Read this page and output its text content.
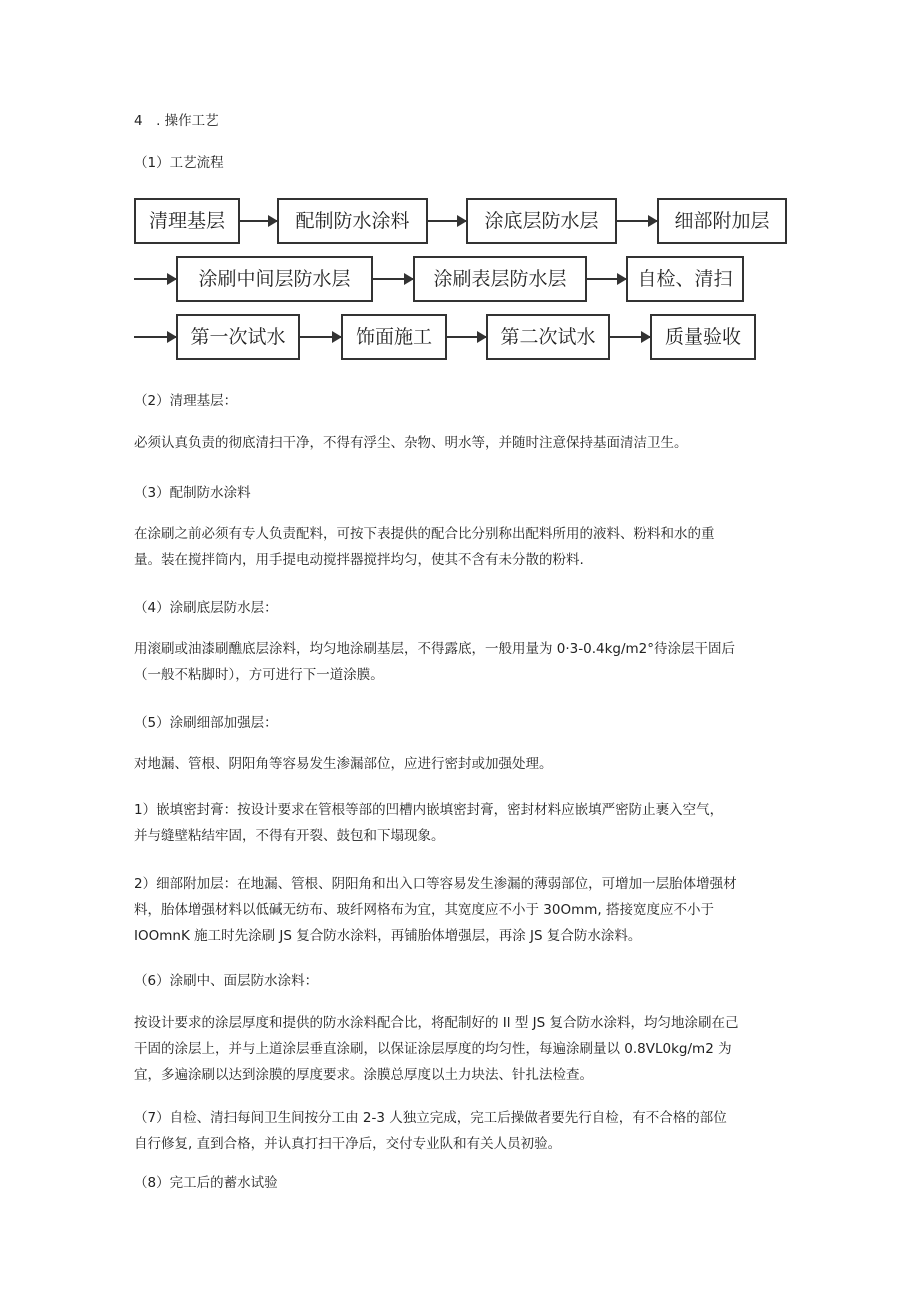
4　. 操作工艺
（1）工艺流程
清理基层	配制防水涂料	涂底层防水层	细部附加层
涂刷中间层防水层	涂刷表层防水层	自检、清扫
第一次试水	饰面施工	第二次试水	质量验收
（2）清理基层：
必须认真负责的彻底清扫干净，不得有浮尘、杂物、明水等，并随时注意保持基面清洁卫生。
（3）配制防水涂料
在涂刷之前必须有专人负责配料，可按下表提供的配合比分别称出配料所用的液料、粉料和水的重
量。装在搅拌筒内，用手提电动搅拌器搅拌均匀，使其不含有未分散的粉料.
（4）涂刷底层防水层：
用滚刷或油漆刷醮底层涂料，均匀地涂刷基层，不得露底，一般用量为 0·3-0.4kg/m2°待涂层干固后
（一般不粘脚时），方可进行下一道涂膜。
（5）涂刷细部加强层：
对地漏、管根、阴阳角等容易发生渗漏部位，应进行密封或加强处理。
1）嵌填密封膏：按设计要求在管根等部的凹槽内嵌填密封膏，密封材料应嵌填严密防止裹入空气，
并与缝壁粘结牢固，不得有开裂、鼓包和下塌现象。
2）细部附加层：在地漏、管根、阴阳角和出入口等容易发生渗漏的薄弱部位，可增加一层胎体增强材
料，胎体增强材料以低碱无纺布、玻纤网格布为宜，其宽度应不小于 30Omm, 搭接宽度应不小于
IOOmnK 施工时先涂刷 JS 复合防水涂料，再铺胎体增强层，再涂 JS 复合防水涂料。
（6）涂刷中、面层防水涂料：
按设计要求的涂层厚度和提供的防水涂料配合比，将配制好的 Il 型 JS 复合防水涂料，均匀地涂刷在己
干固的涂层上，并与上道涂层垂直涂刷，以保证涂层厚度的均匀性，每遍涂刷量以 0.8VL0kg/m2 为
宜，多遍涂刷以达到涂膜的厚度要求。涂膜总厚度以土力块法、针扎法检查。
（7）自检、清扫每间卫生间按分工由 2-3 人独立完成，完工后操做者要先行自检，有不合格的部位
自行修复, 直到合格，并认真打扫干净后，交付专业队和有关人员初验。
（8）完工后的蓄水试验
